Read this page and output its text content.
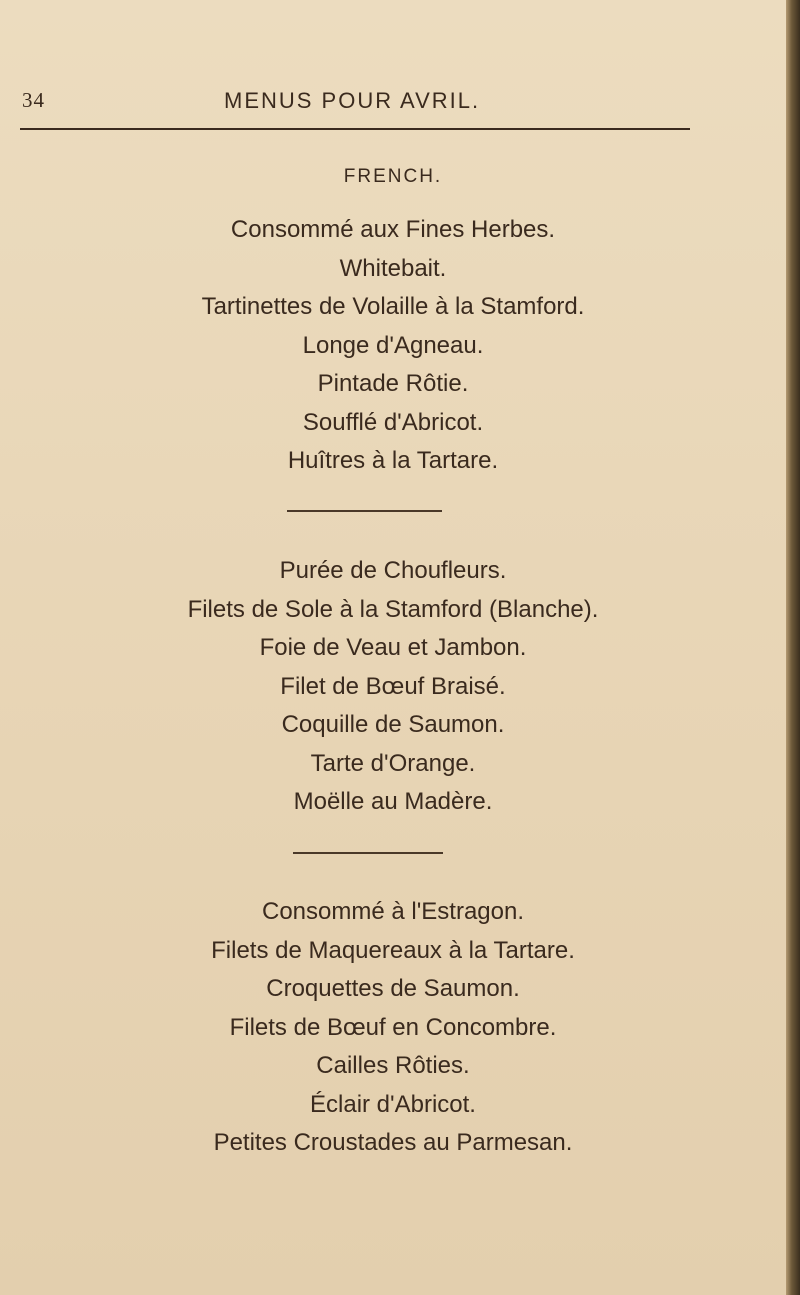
34	MENUS POUR AVRIL.
FRENCH.
Consommé aux Fines Herbes.
Whitebait.
Tartinettes de Volaille à la Stamford.
Longe d'Agneau.
Pintade Rôtie.
Soufflé d'Abricot.
Huîtres à la Tartare.
Purée de Choufleurs.
Filets de Sole à la Stamford (Blanche).
Foie de Veau et Jambon.
Filet de Bœuf Braisé.
Coquille de Saumon.
Tarte d'Orange.
Moëlle au Madère.
Consommé à l'Estragon.
Filets de Maquereaux à la Tartare.
Croquettes de Saumon.
Filets de Bœuf en Concombre.
Cailles Rôties.
Éclair d'Abricot.
Petites Croustades au Parmesan.
